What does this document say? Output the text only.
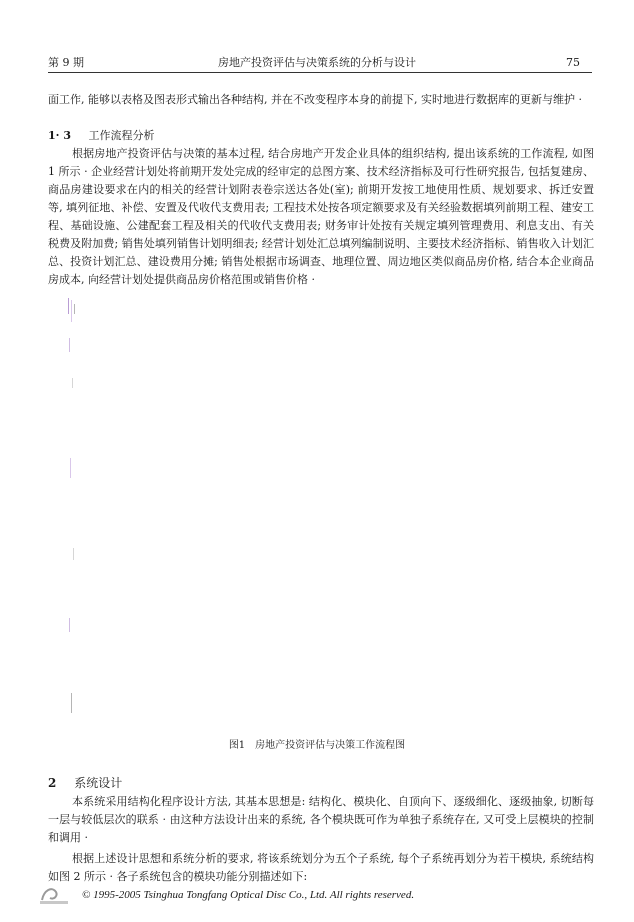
第 9 期	房地产投资评估与决策系统的分析与设计	75

面工作, 能够以表格及图表形式输出各种结构, 并在不改变程序本身的前提下, 实时地进行数据库的更新与维护 ·

1· 3 工作流程分析

根据房地产投资评估与决策的基本过程, 结合房地产开发企业具体的组织结构, 提出该系统的工作流程, 如图 1 所示 · 企业经营计划处将前期开发处完成的经审定的总图方案、技术经济指标及可行性研究报告, 包括复建房、商品房建设要求在内的相关的经营计划附表卷宗送达各处(室); 前期开发按工地使用性质、规划要求、拆迁安置等, 填列征地、补偿、安置及代收代支费用表; 工程技术处按各项定额要求及有关经验数据填列前期工程、建安工程、基础设施、公建配套工程及相关的代收代支费用表; 财务审计处按有关规定填列管理费用、利息支出、有关税费及附加费; 销售处填列销售计划明细表; 经营计划处汇总填列编制说明、主要技术经济指标、销售收入计划汇总、投资计划汇总、建设费用分摊; 销售处根据市场调查、地理位置、周边地区类似商品房价格, 结合本企业商品房成本, 向经营计划处提供商品房价格范围或销售价格 ·

图1　房地产投资评估与决策工作流程图
2 系统设计

本系统采用结构化程序设计方法, 其基本思想是: 结构化、模块化、自顶向下、逐级细化、逐级抽象, 切断每一层与较低层次的联系 · 由这种方法设计出来的系统, 各个模块既可作为单独子系统存在, 又可受上层模块的控制和调用 ·

根据上述设计思想和系统分析的要求, 将该系统划分为五个子系统, 每个子系统再划分为若干模块, 系统结构如图 2 所示 · 各子系统包含的模块功能分别描述如下:

© 1995-2005 Tsinghua Tongfang Optical Disc Co., Ltd. All rights reserved.
